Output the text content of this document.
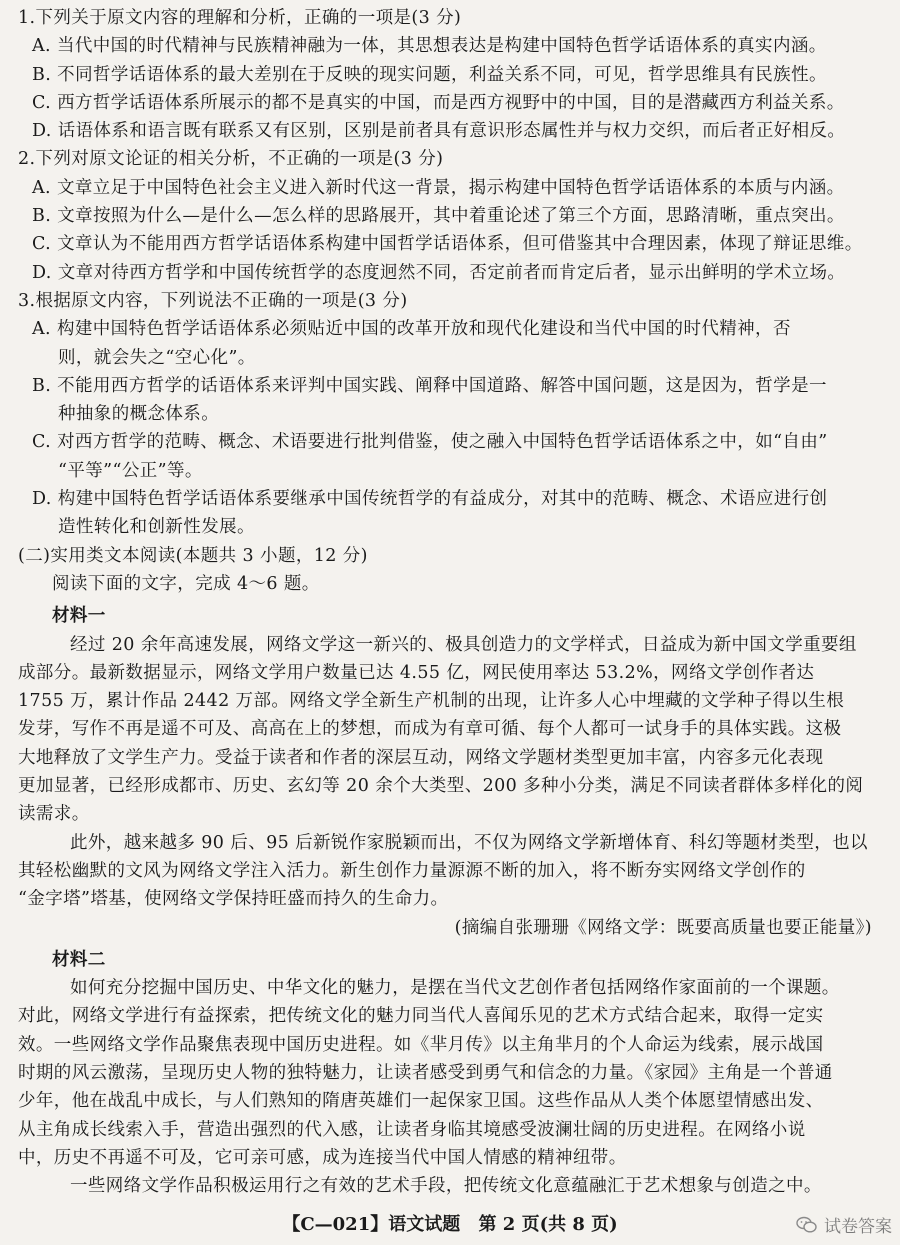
1.下列关于原文内容的理解和分析，正确的一项是(3 分)
A. 当代中国的时代精神与民族精神融为一体，其思想表达是构建中国特色哲学话语体系的真实内涵。
B. 不同哲学话语体系的最大差别在于反映的现实问题，利益关系不同，可见，哲学思维具有民族性。
C. 西方哲学话语体系所展示的都不是真实的中国，而是西方视野中的中国，目的是潜藏西方利益关系。
D. 话语体系和语言既有联系又有区别，区别是前者具有意识形态属性并与权力交织，而后者正好相反。
2.下列对原文论证的相关分析，不正确的一项是(3 分)
A. 文章立足于中国特色社会主义进入新时代这一背景，揭示构建中国特色哲学话语体系的本质与内涵。
B. 文章按照为什么—是什么—怎么样的思路展开，其中着重论述了第三个方面，思路清晰，重点突出。
C. 文章认为不能用西方哲学话语体系构建中国哲学话语体系，但可借鉴其中合理因素，体现了辩证思维。
D. 文章对待西方哲学和中国传统哲学的态度迥然不同，否定前者而肯定后者，显示出鲜明的学术立场。
3.根据原文内容，下列说法不正确的一项是(3 分)
A. 构建中国特色哲学话语体系必须贴近中国的改革开放和现代化建设和当代中国的时代精神，否
则，就会失之“空心化”。
B. 不能用西方哲学的话语体系来评判中国实践、阐释中国道路、解答中国问题，这是因为，哲学是一
种抽象的概念体系。
C. 对西方哲学的范畴、概念、术语要进行批判借鉴，使之融入中国特色哲学话语体系之中，如“自由”
“平等”“公正”等。
D. 构建中国特色哲学话语体系要继承中国传统哲学的有益成分，对其中的范畴、概念、术语应进行创
造性转化和创新性发展。
(二)实用类文本阅读(本题共 3 小题，12 分)
阅读下面的文字，完成 4～6 题。
材料一
经过 20 余年高速发展，网络文学这一新兴的、极具创造力的文学样式，日益成为新中国文学重要组
成部分。最新数据显示，网络文学用户数量已达 4.55 亿，网民使用率达 53.2%，网络文学创作者达
1755 万，累计作品 2442 万部。网络文学全新生产机制的出现，让许多人心中埋藏的文学种子得以生根
发芽，写作不再是遥不可及、高高在上的梦想，而成为有章可循、每个人都可一试身手的具体实践。这极
大地释放了文学生产力。受益于读者和作者的深层互动，网络文学题材类型更加丰富，内容多元化表现
更加显著，已经形成都市、历史、玄幻等 20 余个大类型、200 多种小分类，满足不同读者群体多样化的阅
读需求。
此外，越来越多 90 后、95 后新锐作家脱颖而出，不仅为网络文学新增体育、科幻等题材类型，也以
其轻松幽默的文风为网络文学注入活力。新生创作力量源源不断的加入，将不断夯实网络文学创作的
“金字塔”塔基，使网络文学保持旺盛而持久的生命力。
(摘编自张珊珊《网络文学：既要高质量也要正能量》)
材料二
如何充分挖掘中国历史、中华文化的魅力，是摆在当代文艺创作者包括网络作家面前的一个课题。
对此，网络文学进行有益探索，把传统文化的魅力同当代人喜闻乐见的艺术方式结合起来，取得一定实
效。一些网络文学作品聚焦表现中国历史进程。如《芈月传》以主角芈月的个人命运为线索，展示战国
时期的风云激荡，呈现历史人物的独特魅力，让读者感受到勇气和信念的力量。《家园》主角是一个普通
少年，他在战乱中成长，与人们熟知的隋唐英雄们一起保家卫国。这些作品从人类个体愿望情感出发、
从主角成长线索入手，营造出强烈的代入感，让读者身临其境感受波澜壮阔的历史进程。在网络小说
中，历史不再遥不可及，它可亲可感，成为连接当代中国人情感的精神纽带。
一些网络文学作品积极运用行之有效的艺术手段，把传统文化意蕴融汇于艺术想象与创造之中。
【C—021】语文试题 第 2 页(共 8 页)	试卷答案
